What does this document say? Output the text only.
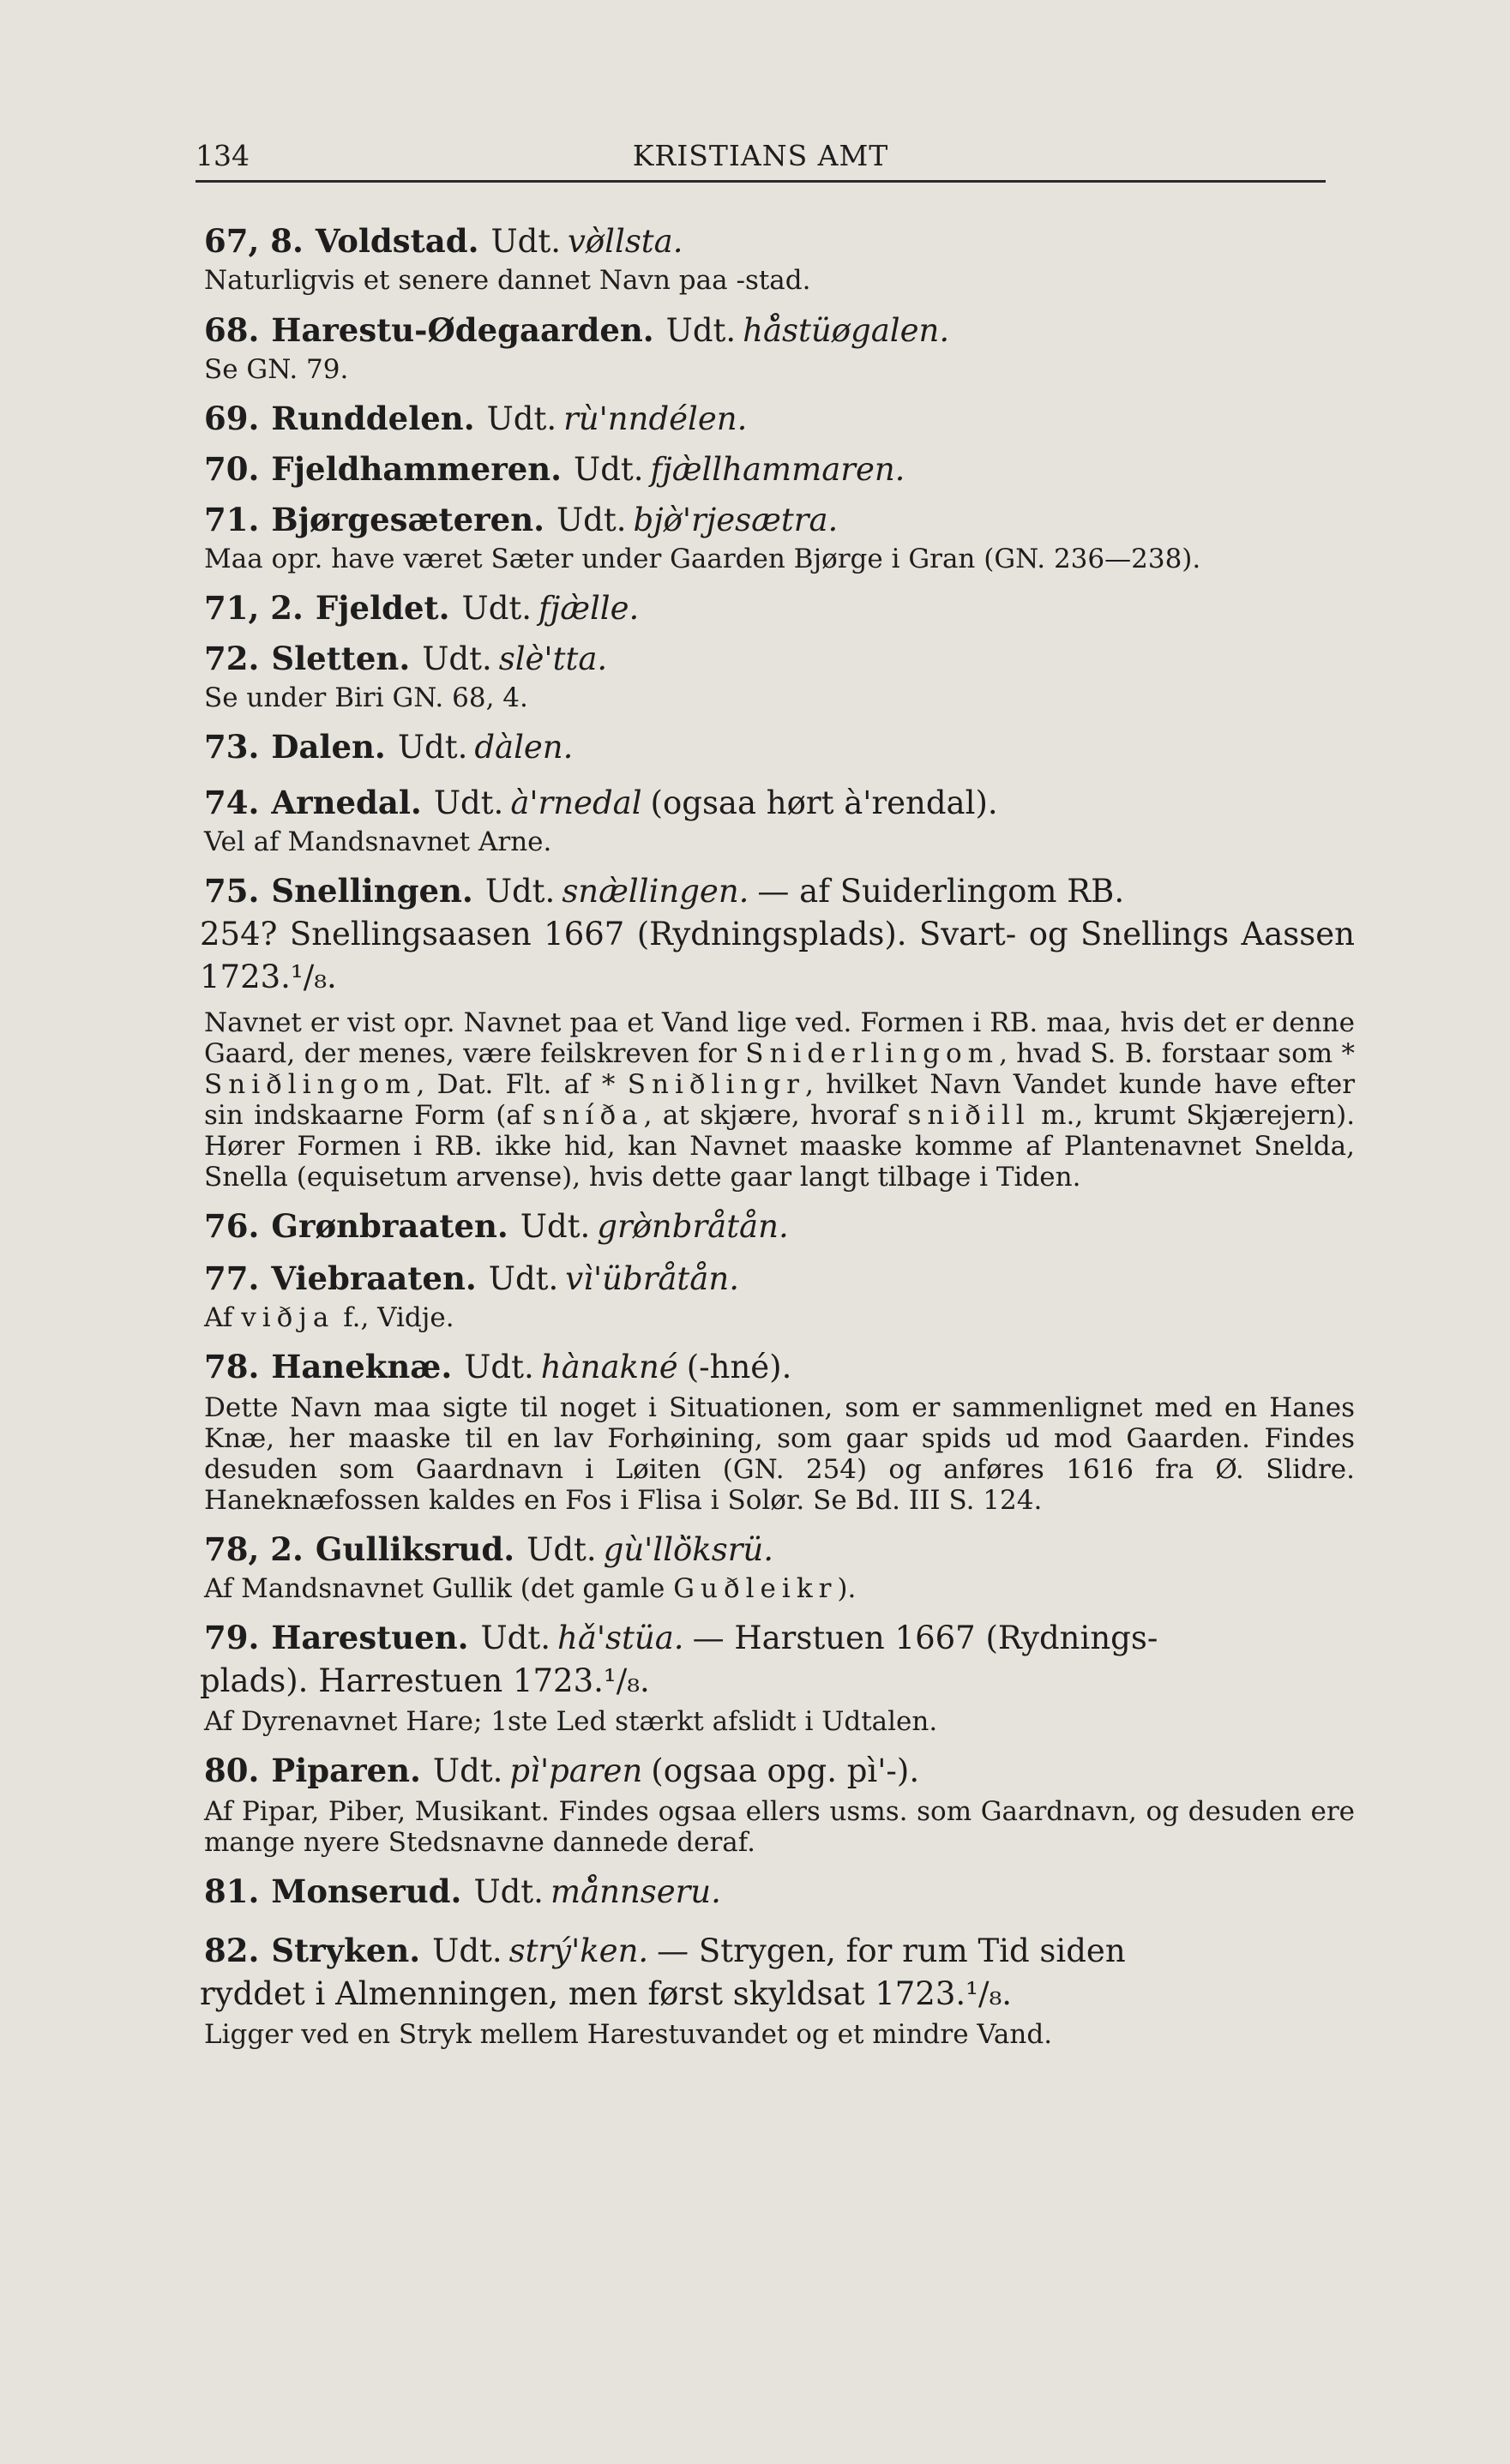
134	KRISTIANS AMT

67, 8. Voldstad. Udt. vø̀llsta.

Naturligvis et senere dannet Navn paa -stad.

68. Harestu-Ødegaarden. Udt. hå̀stüøgalen.

Se GN. 79.

69. Runddelen. Udt. rù'nndélen.

70. Fjeldhammeren. Udt. fjæ̀llhammaren.

71. Bjørgesæteren. Udt. bjø̀'rjesætra.

Maa opr. have været Sæter under Gaarden Bjørge i Gran (GN. 236—238).

71, 2. Fjeldet. Udt. fjæ̀lle.

72. Sletten. Udt. slè'tta.

Se under Biri GN. 68, 4.

73. Dalen. Udt. dàlen.

74. Arnedal. Udt. à'rnedal (ogsaa hørt à'rendal).

Vel af Mandsnavnet Arne.

75. Snellingen. Udt. snæ̀llingen. — af Suiderlingom RB.

254? Snellingsaasen 1667 (Rydningsplads). Svart- og Snellings Aassen 1723.¹/₈.

Navnet er vist opr. Navnet paa et Vand lige ved. Formen i RB. maa, hvis det er denne Gaard, der menes, være feilskreven for Sniderlingom, hvad S. B. forstaar som * Sniðlingom, Dat. Flt. af * Sniðlingr, hvilket Navn Vandet kunde have efter sin indskaarne Form (af sníða, at skjære, hvoraf sniðill m., krumt Skjærejern). Hører Formen i RB. ikke hid, kan Navnet maaske komme af Plantenavnet Snelda, Snella (equisetum arvense), hvis dette gaar langt tilbage i Tiden.

76. Grønbraaten. Udt. grø̀nbråtån.

77. Viebraaten. Udt. vì'übråtån.

Af viðja f., Vidje.

78. Haneknæ. Udt. hànakné (-hné).

Dette Navn maa sigte til noget i Situationen, som er sammenlignet med en Hanes Knæ, her maaske til en lav Forhøining, som gaar spids ud mod Gaarden. Findes desuden som Gaardnavn i Løiten (GN. 254) og anføres 1616 fra Ø. Slidre. Haneknæfossen kaldes en Fos i Flisa i Solør. Se Bd. III S. 124.

78, 2. Gulliksrud. Udt. gù'llö̀ksrü.

Af Mandsnavnet Gullik (det gamle Guðleikr).

79. Harestuen. Udt. hǎ'stüa. — Harstuen 1667 (Rydnings-

plads). Harrestuen 1723.¹/₈.

Af Dyrenavnet Hare; 1ste Led stærkt afslidt i Udtalen.

80. Piparen. Udt. pì'paren (ogsaa opg. pì'-).

Af Pipar, Piber, Musikant. Findes ogsaa ellers usms. som Gaardnavn, og desuden ere mange nyere Stedsnavne dannede deraf.

81. Monserud. Udt. må̀nnseru.

82. Stryken. Udt. strý'ken. — Strygen, for rum Tid siden

ryddet i Almenningen, men først skyldsat 1723.¹/₈.

Ligger ved en Stryk mellem Harestuvandet og et mindre Vand.
